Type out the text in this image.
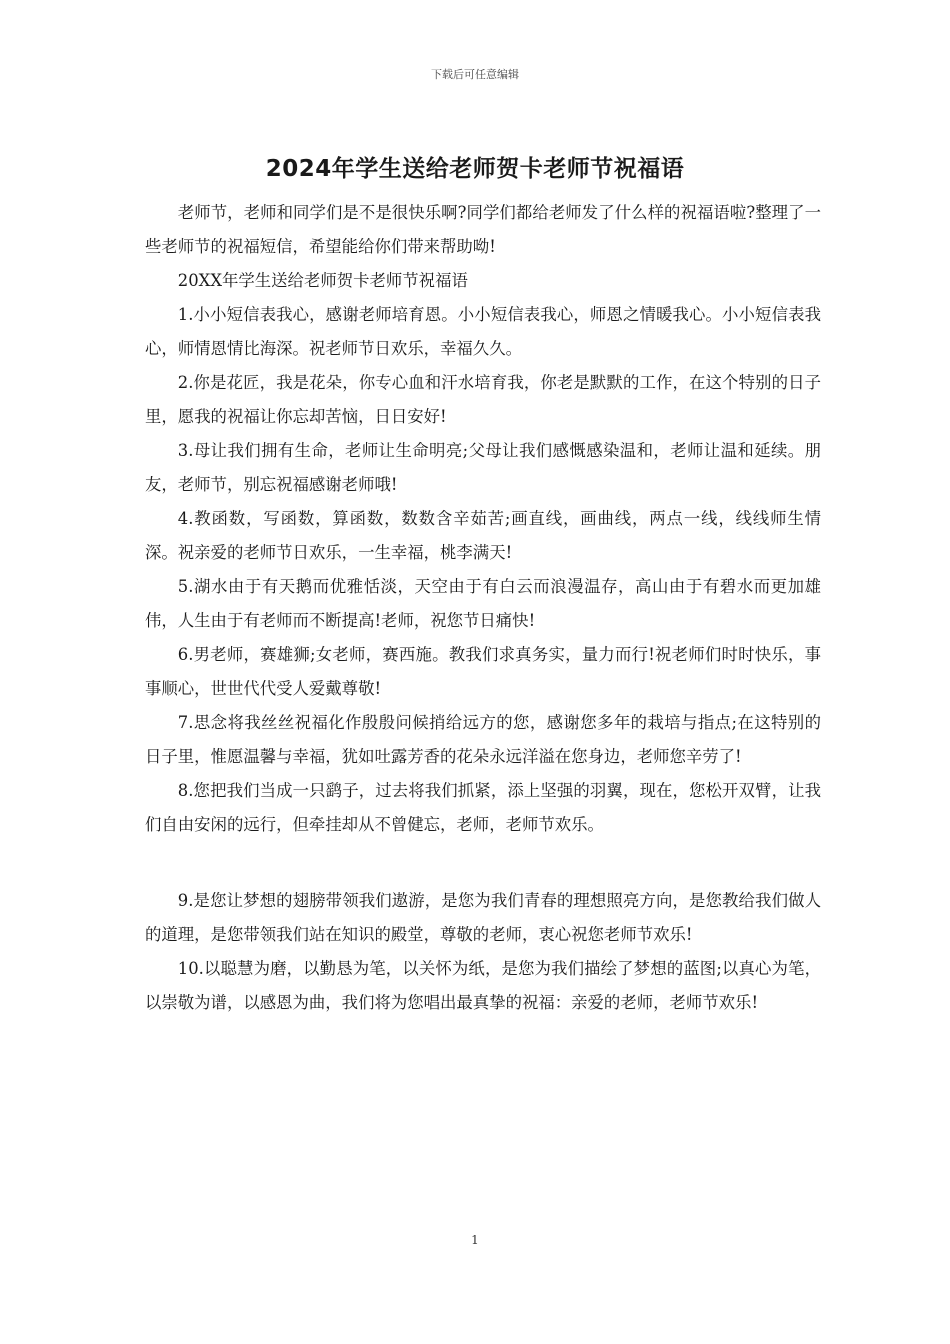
下载后可任意编辑
2024年学生送给老师贺卡老师节祝福语

老师节，老师和同学们是不是很快乐啊?同学们都给老师发了什么样的祝福语啦?整理了一些老师节的祝福短信，希望能给你们带来帮助呦!

20XX年学生送给老师贺卡老师节祝福语

1.小小短信表我心，感谢老师培育恩。小小短信表我心，师恩之情暖我心。小小短信表我心，师情恩情比海深。祝老师节日欢乐，幸福久久。

2.你是花匠，我是花朵，你专心血和汗水培育我，你老是默默的工作，在这个特别的日子里，愿我的祝福让你忘却苦恼，日日安好!

3.母让我们拥有生命，老师让生命明亮;父母让我们感慨感染温和，老师让温和延续。朋友，老师节，别忘祝福感谢老师哦!

4.教函数，写函数，算函数，数数含辛茹苦;画直线，画曲线，两点一线，线线师生情深。祝亲爱的老师节日欢乐，一生幸福，桃李满天!

5.湖水由于有天鹅而优雅恬淡，天空由于有白云而浪漫温存，高山由于有碧水而更加雄伟，人生由于有老师而不断提高!老师，祝您节日痛快!

6.男老师，赛雄狮;女老师，赛西施。教我们求真务实，量力而行!祝老师们时时快乐，事事顺心，世世代代受人爱戴尊敬!

7.思念将我丝丝祝福化作殷殷问候捎给远方的您，感谢您多年的栽培与指点;在这特别的日子里，惟愿温馨与幸福，犹如吐露芳香的花朵永远洋溢在您身边，老师您辛劳了!

8.您把我们当成一只鹞子，过去将我们抓紧，添上坚强的羽翼，现在，您松开双臂，让我们自由安闲的远行，但牵挂却从不曾健忘，老师，老师节欢乐。

9.是您让梦想的翅膀带领我们遨游，是您为我们青春的理想照亮方向，是您教给我们做人的道理，是您带领我们站在知识的殿堂，尊敬的老师，衷心祝您老师节欢乐!

10.以聪慧为磨，以勤恳为笔，以关怀为纸，是您为我们描绘了梦想的蓝图;以真心为笔，以崇敬为谱，以感恩为曲，我们将为您唱出最真挚的祝福：亲爱的老师，老师节欢乐!

1
